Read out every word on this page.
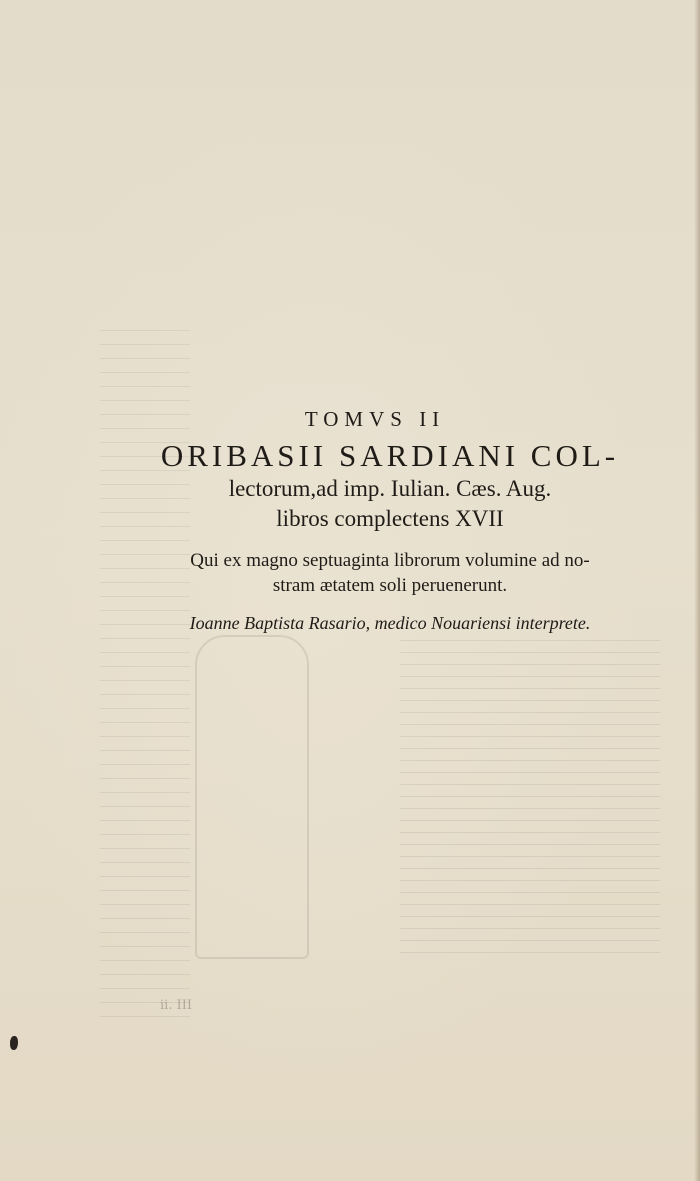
ii. III

TOMVS II

ORIBASII SARDIANI COL-

lectorum,ad imp. Iulian. Cæs. Aug.

libros complectens XVII

Qui ex magno septuaginta librorum volumine ad no-

stram ætatem soli peruenerunt.

Ioanne Baptista Rasario, medico Nouariensi interprete.
